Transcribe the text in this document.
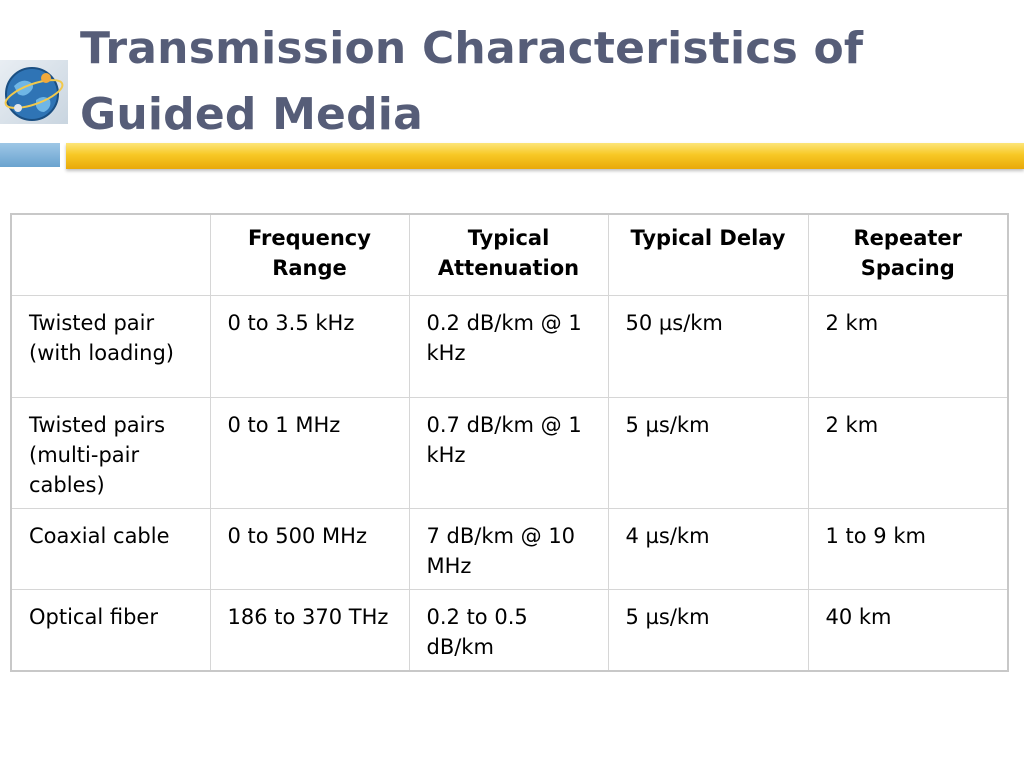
Transmission Characteristics of
Guided Media
	Frequency Range	Typical Attenuation	Typical Delay	Repeater Spacing
Twisted pair (with loading)	0 to 3.5 kHz	0.2 dB/km @ 1 kHz	50 µs/km	2 km
Twisted pairs (multi-pair cables)	0 to 1 MHz	0.7 dB/km @ 1 kHz	5 µs/km	2 km
Coaxial cable	0 to 500 MHz	7 dB/km @ 10 MHz	4 µs/km	1 to 9 km
Optical fiber	186 to 370 THz	0.2 to 0.5 dB/km	5 µs/km	40 km
